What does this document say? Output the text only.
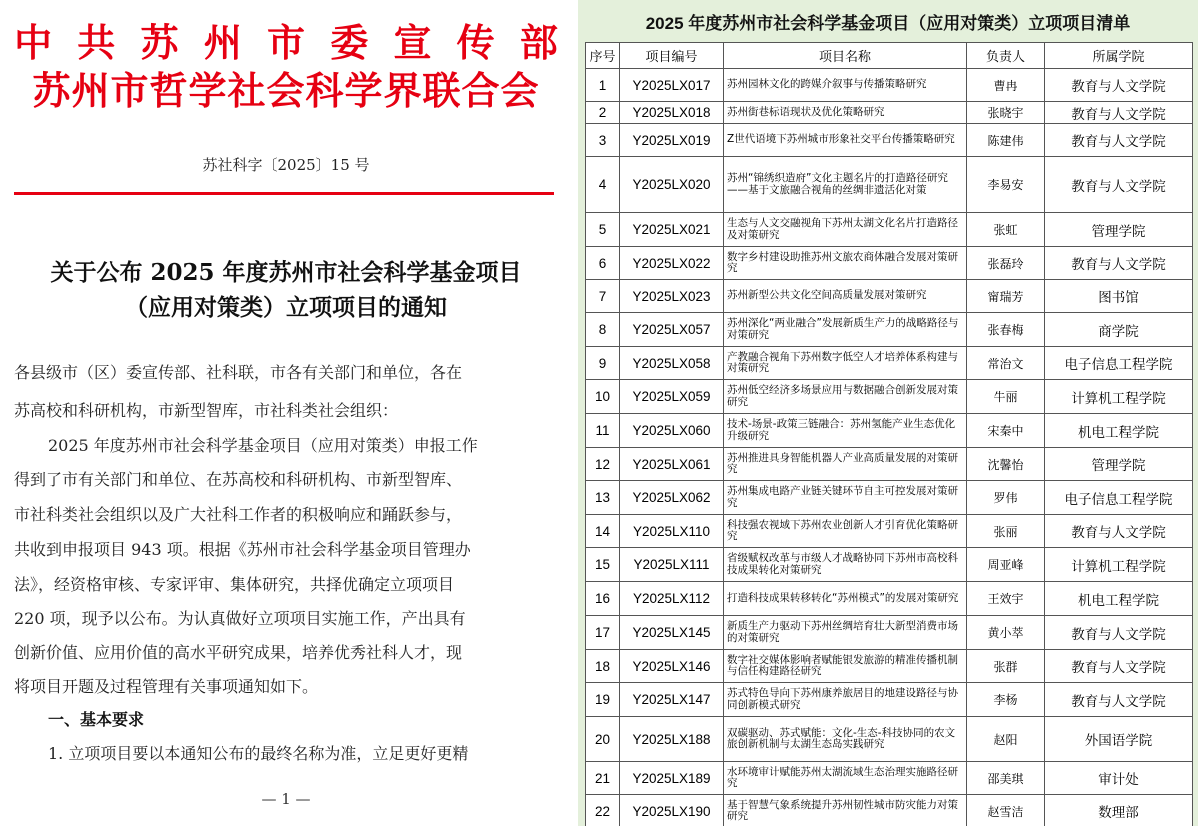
中 共 苏 州 市 委 宣 传 部
苏州市哲学社会科学界联合会
苏社科字〔2025〕15 号
关于公布 2025 年度苏州市社会科学基金项目
（应用对策类）立项项目的通知
各县级市（区）委宣传部、社科联，市各有关部门和单位，各在
苏高校和科研机构，市新型智库，市社科类社会组织：
2025 年度苏州市社会科学基金项目（应用对策类）申报工作
得到了市有关部门和单位、在苏高校和科研机构、市新型智库、
市社科类社会组织以及广大社科工作者的积极响应和踊跃参与，
共收到申报项目 943 项。根据《苏州市社会科学基金项目管理办
法》，经资格审核、专家评审、集体研究，共择优确定立项项目
220 项，现予以公布。为认真做好立项项目实施工作，产出具有
创新价值、应用价值的高水平研究成果，培养优秀社科人才，现
将项目开题及过程管理有关事项通知如下。
一、基本要求
1. 立项项目要以本通知公布的最终名称为准，立足更好更精
— 1 —
2025 年度苏州市社会科学基金项目（应用对策类）立项项目清单
序号	项目编号	项目名称	负责人	所属学院
1	Y2025LX017	苏州园林文化的跨媒介叙事与传播策略研究	曹冉	教育与人文学院
2	Y2025LX018	苏州街巷标语现状及优化策略研究	张晓宇	教育与人文学院
3	Y2025LX019	Z世代语境下苏州城市形象社交平台传播策略研究	陈建伟	教育与人文学院
4	Y2025LX020	苏州“锦绣织造府”文化主题名片的打造路径研究——基于文旅融合视角的丝绸非遗活化对策	李易安	教育与人文学院
5	Y2025LX021	生态与人文交融视角下苏州太湖文化名片打造路径及对策研究	张虹	管理学院
6	Y2025LX022	数字乡村建设助推苏州文旅农商体融合发展对策研究	张磊玲	教育与人文学院
7	Y2025LX023	苏州新型公共文化空间高质量发展对策研究	甯瑞芳	图书馆
8	Y2025LX057	苏州深化“两业融合”发展新质生产力的战略路径与对策研究	张春梅	商学院
9	Y2025LX058	产教融合视角下苏州数字低空人才培养体系构建与对策研究	常治文	电子信息工程学院
10	Y2025LX059	苏州低空经济多场景应用与数据融合创新发展对策研究	牛丽	计算机工程学院
11	Y2025LX060	技术-场景-政策三链融合：苏州氢能产业生态优化升级研究	宋秦中	机电工程学院
12	Y2025LX061	苏州推进具身智能机器人产业高质量发展的对策研究	沈馨怡	管理学院
13	Y2025LX062	苏州集成电路产业链关键环节自主可控发展对策研究	罗伟	电子信息工程学院
14	Y2025LX110	科技强农视域下苏州农业创新人才引育优化策略研究	张丽	教育与人文学院
15	Y2025LX111	省级赋权改革与市级人才战略协同下苏州市高校科技成果转化对策研究	周亚峰	计算机工程学院
16	Y2025LX112	打造科技成果转移转化“苏州模式”的发展对策研究	王效宇	机电工程学院
17	Y2025LX145	新质生产力驱动下苏州丝绸培育壮大新型消费市场的对策研究	黄小萃	教育与人文学院
18	Y2025LX146	数字社交媒体影响者赋能银发旅游的精准传播机制与信任构建路径研究	张群	教育与人文学院
19	Y2025LX147	苏式特色导向下苏州康养旅居目的地建设路径与协同创新模式研究	李杨	教育与人文学院
20	Y2025LX188	双碳驱动、苏式赋能：文化-生态-科技协同的农文旅创新机制与太湖生态岛实践研究	赵阳	外国语学院
21	Y2025LX189	水环境审计赋能苏州太湖流域生态治理实施路径研究	邵美琪	审计处
22	Y2025LX190	基于智慧气象系统提升苏州韧性城市防灾能力对策研究	赵雪洁	数理部
